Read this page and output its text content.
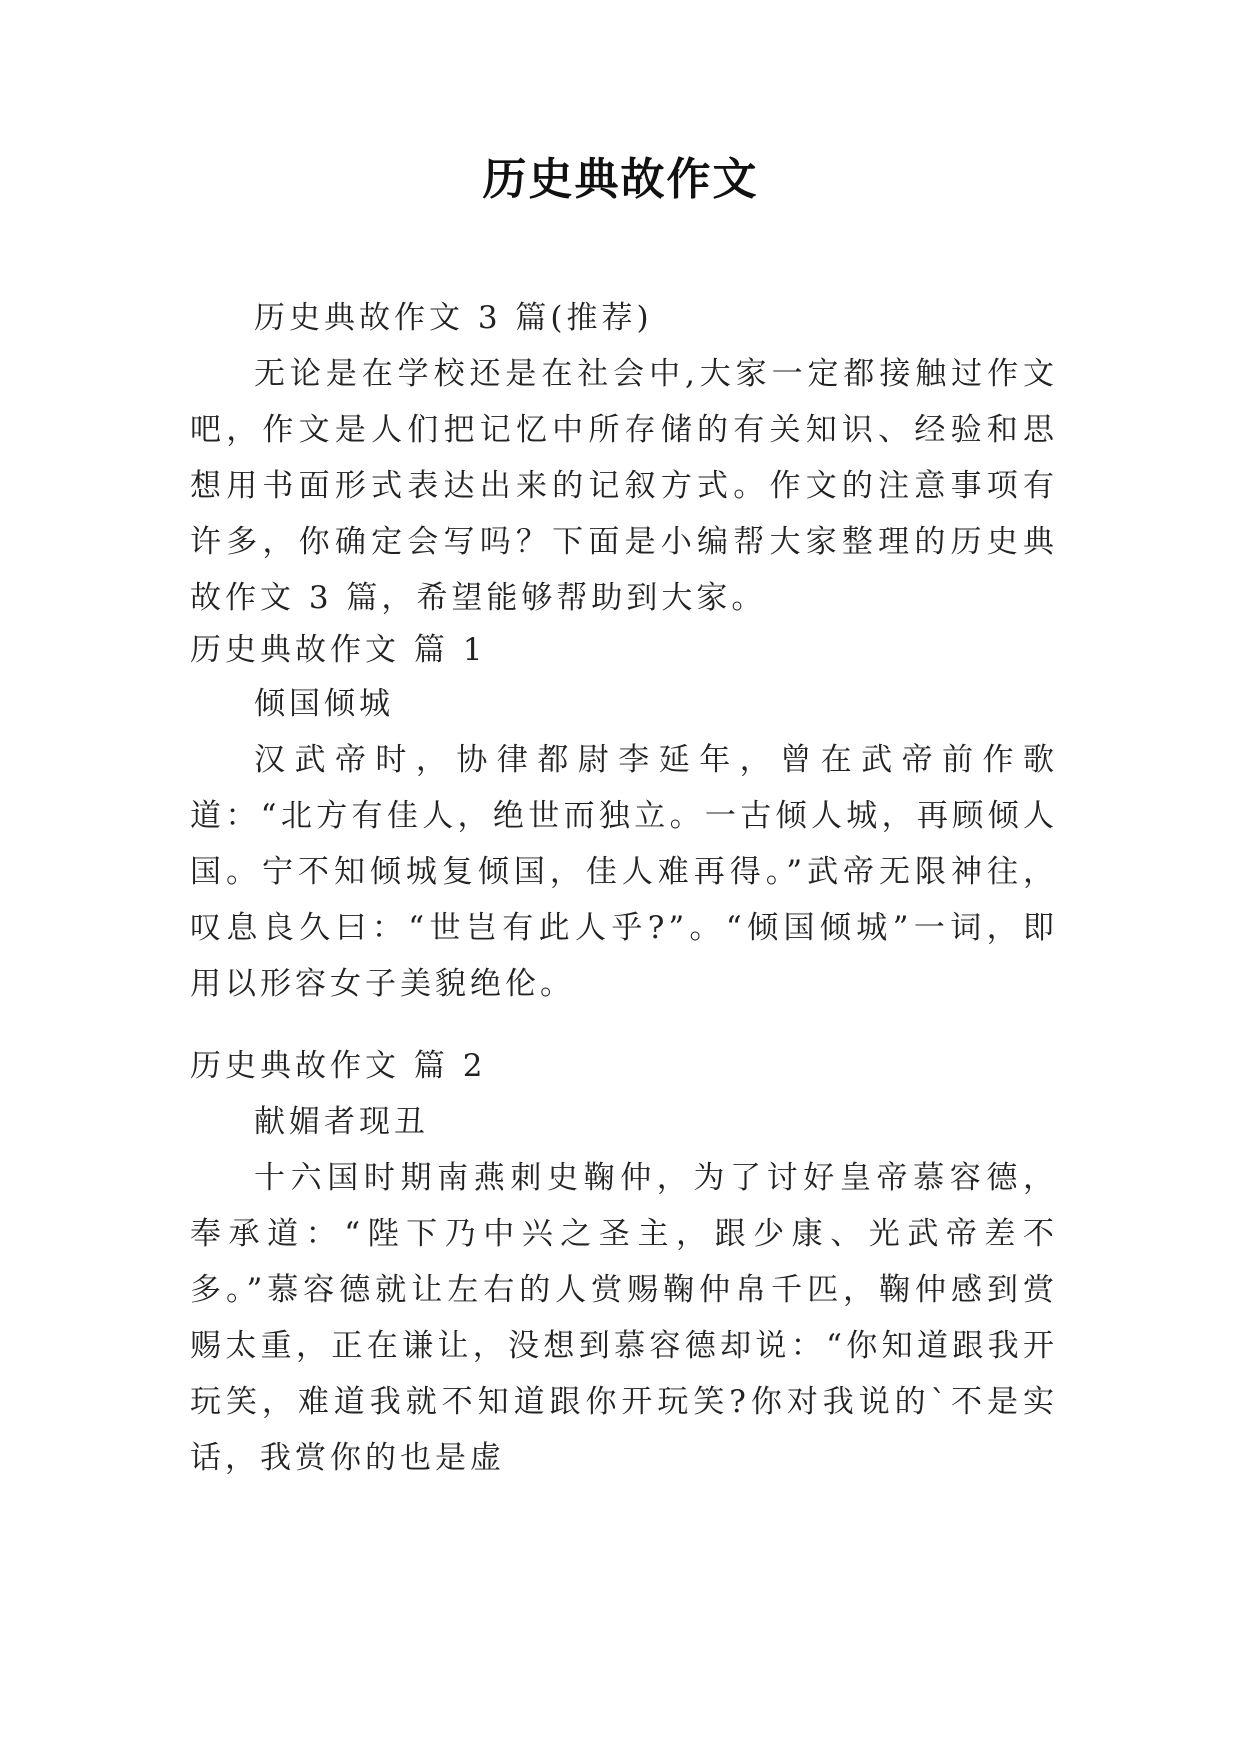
历史典故作文
历史典故作文 3 篇(推荐)
无论是在学校还是在社会中,大家一定都接触过作文吧，作文是人们把记忆中所存储的有关知识、经验和思想用书面形式表达出来的记叙方式。作文的注意事项有许多，你确定会写吗？下面是小编帮大家整理的历史典故作文 3 篇，希望能够帮助到大家。
历史典故作文 篇 1
倾国倾城
汉武帝时，协律都尉李延年，曾在武帝前作歌道：“北方有佳人，绝世而独立。一古倾人城，再顾倾人国。宁不知倾城复倾国，佳人难再得。”武帝无限神往，叹息良久曰：“世岂有此人乎?”。“倾国倾城”一词，即用以形容女子美貌绝伦。
历史典故作文 篇 2
献媚者现丑
十六国时期南燕刺史鞠仲，为了讨好皇帝慕容德，奉承道：“陛下乃中兴之圣主，跟少康、光武帝差不多。”慕容德就让左右的人赏赐鞠仲帛千匹，鞠仲感到赏赐太重，正在谦让，没想到慕容德却说：“你知道跟我开玩笑，难道我就不知道跟你开玩笑?你对我说的`不是实话，我赏你的也是虚
